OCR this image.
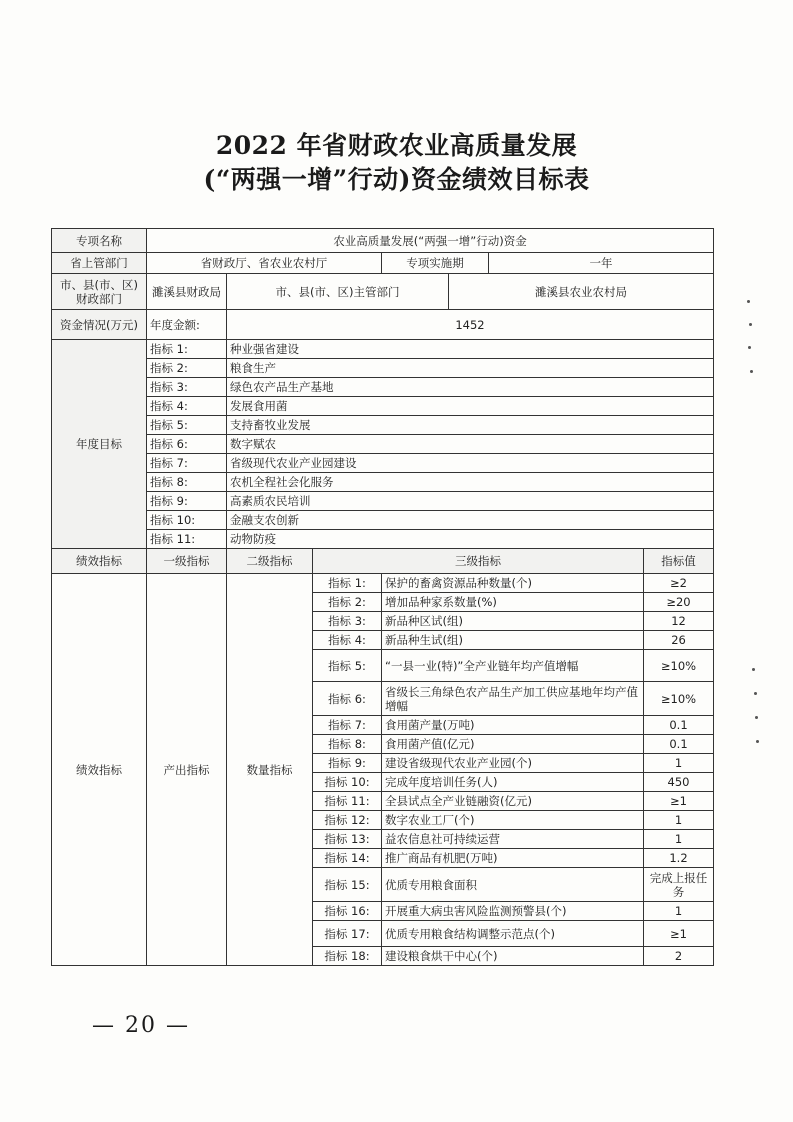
2022 年省财政农业高质量发展
(“两强一增”行动)资金绩效目标表
专项名称	农业高质量发展(“两强一增”行动)资金						
省上管部门	省财政厅、省农业农村厅			专项实施期		一年	
市、县(市、区)财政部门	濉溪县财政局	市、县(市、区)主管部门			濉溪县农业农村局		
资金情况(万元)	年度金额:	1452					
年度目标	指标 1:	种业强省建设					
	指标 2:	粮食生产					
	指标 3:	绿色农产品生产基地					
	指标 4:	发展食用菌					
	指标 5:	支持畜牧业发展					
	指标 6:	数字赋农					
	指标 7:	省级现代农业产业园建设					
	指标 8:	农机全程社会化服务					
	指标 9:	高素质农民培训					
	指标 10:	金融支农创新					
	指标 11:	动物防疫					
绩效指标	一级指标	二级指标	三级指标				指标值
绩效指标	产出指标	数量指标	指标 1:	保护的畜禽资源品种数量(个)			≥2
			指标 2:	增加品种家系数量(%)			≥20
			指标 3:	新品种区试(组)			12
			指标 4:	新品种生试(组)			26
			指标 5:	“一县一业(特)”全产业链年均产值增幅			≥10%
			指标 6:	省级长三角绿色农产品生产加工供应基地年均产值增幅			≥10%
			指标 7:	食用菌产量(万吨)			0.1
			指标 8:	食用菌产值(亿元)			0.1
			指标 9:	建设省级现代农业产业园(个)			1
			指标 10:	完成年度培训任务(人)			450
			指标 11:	全县试点全产业链融资(亿元)			≥1
			指标 12:	数字农业工厂(个)			1
			指标 13:	益农信息社可持续运营			1
			指标 14:	推广商品有机肥(万吨)			1.2
			指标 15:	优质专用粮食面积			完成上报任务
			指标 16:	开展重大病虫害风险监测预警县(个)			1
			指标 17:	优质专用粮食结构调整示范点(个)			≥1
			指标 18:	建设粮食烘干中心(个)			2
— 20 —
